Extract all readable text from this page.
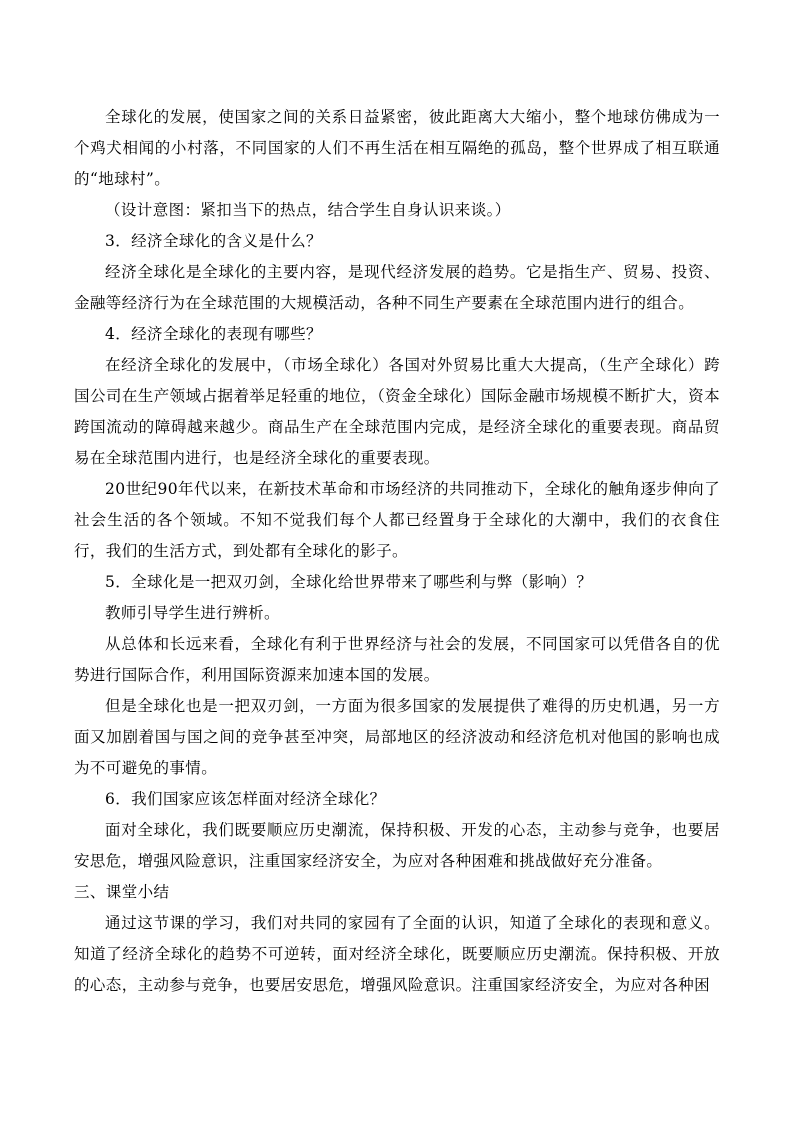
全球化的发展，使国家之间的关系日益紧密，彼此距离大大缩小，整个地球仿佛成为一个鸡犬相闻的小村落，不同国家的人们不再生活在相互隔绝的孤岛，整个世界成了相互联通的“地球村”。

（设计意图：紧扣当下的热点，结合学生自身认识来谈。）

3．经济全球化的含义是什么？

经济全球化是全球化的主要内容，是现代经济发展的趋势。它是指生产、贸易、投资、金融等经济行为在全球范围的大规模活动，各种不同生产要素在全球范围内进行的组合。

4．经济全球化的表现有哪些？

在经济全球化的发展中，（市场全球化）各国对外贸易比重大大提高，（生产全球化）跨国公司在生产领域占据着举足轻重的地位，（资金全球化）国际金融市场规模不断扩大，资本跨国流动的障碍越来越少。商品生产在全球范围内完成，是经济全球化的重要表现。商品贸易在全球范围内进行，也是经济全球化的重要表现。

20世纪90年代以来，在新技术革命和市场经济的共同推动下，全球化的触角逐步伸向了社会生活的各个领域。不知不觉我们每个人都已经置身于全球化的大潮中，我们的衣食住行，我们的生活方式，到处都有全球化的影子。

5．全球化是一把双刃剑，全球化给世界带来了哪些利与弊（影响）？

教师引导学生进行辨析。

从总体和长远来看，全球化有利于世界经济与社会的发展，不同国家可以凭借各自的优势进行国际合作，利用国际资源来加速本国的发展。

但是全球化也是一把双刃剑，一方面为很多国家的发展提供了难得的历史机遇，另一方面又加剧着国与国之间的竞争甚至冲突，局部地区的经济波动和经济危机对他国的影响也成为不可避免的事情。

6．我们国家应该怎样面对经济全球化？

面对全球化，我们既要顺应历史潮流，保持积极、开发的心态，主动参与竞争，也要居安思危，增强风险意识，注重国家经济安全，为应对各种困难和挑战做好充分准备。

三、课堂小结

通过这节课的学习，我们对共同的家园有了全面的认识，知道了全球化的表现和意义。知道了经济全球化的趋势不可逆转，面对经济全球化，既要顺应历史潮流。保持积极、开放的心态，主动参与竞争，也要居安思危，增强风险意识。注重国家经济安全，为应对各种困
